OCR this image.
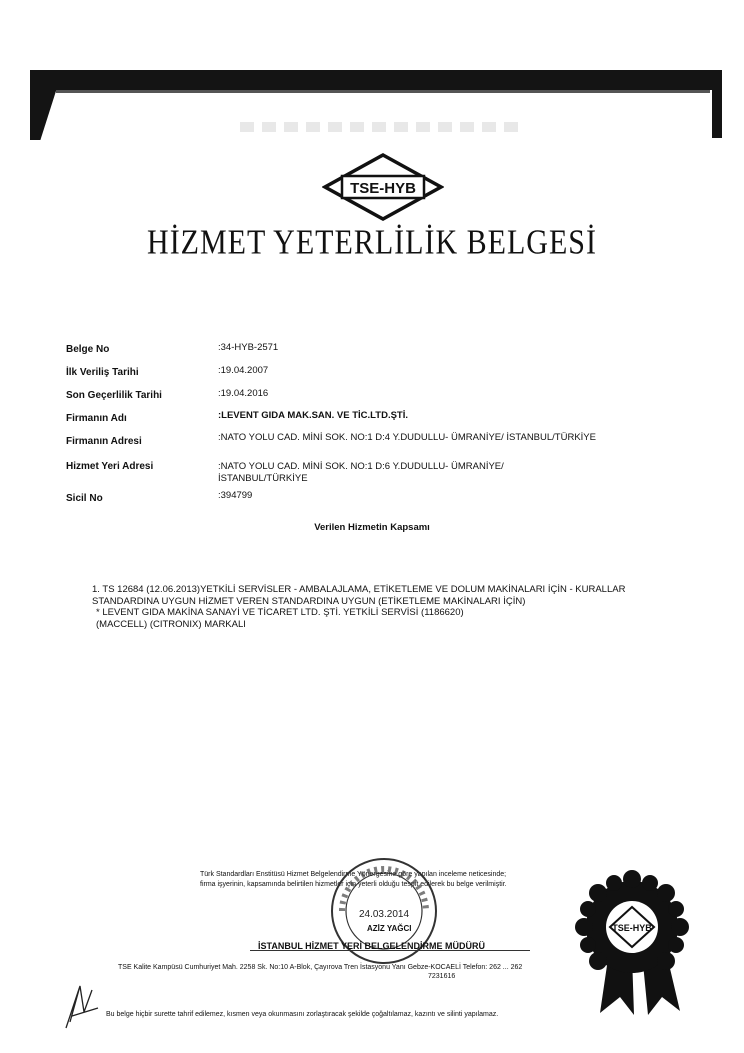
TSE-HYB
HİZMET YETERLİLİK BELGESİ
Belge No	:34-HYB-2571
İlk Veriliş Tarihi	:19.04.2007
Son Geçerlilik Tarihi	:19.04.2016
Firmanın Adı	:LEVENT GIDA MAK.SAN. VE TİC.LTD.ŞTİ.
Firmanın Adresi	:NATO YOLU CAD. MİNİ SOK. NO:1 D:4 Y.DUDULLU- ÜMRANİYE/ İSTANBUL/TÜRKİYE
Hizmet Yeri Adresi	:NATO YOLU CAD. MİNİ SOK. NO:1 D:6 Y.DUDULLU- ÜMRANİYE/
İSTANBUL/TÜRKİYE
Sicil No	:394799
Verilen Hizmetin Kapsamı
1. TS 12684 (12.06.2013)YETKİLİ SERVİSLER - AMBALAJLAMA, ETİKETLEME VE DOLUM MAKİNALARI İÇİN - KURALLAR
STANDARDINA UYGUN HİZMET VEREN STANDARDINA UYGUN (ETİKETLEME MAKİNALARI İÇİN)
* LEVENT GIDA MAKİNA SANAYİ VE TİCARET LTD. ŞTİ. YETKİLİ SERVİSİ (1186620)
(MACCELL) (CITRONIX) MARKALI
Türk Standardları Enstitüsü Hizmet Belgelendirme Yönergesine göre yapılan inceleme neticesinde;
firma işyerinin, kapsamında belirtilen hizmetler için yeterli olduğu tespit edilerek bu belge verilmiştir.
24.03.2014
AZİZ YAĞCI
İSTANBUL HİZMET YERİ BELGELENDİRME MÜDÜRÜ
TSE Kalite Kampüsü Cumhuriyet Mah. 2258 Sk. No:10 A-Blok, Çayırova Tren İstasyonu Yanı Gebze-KOCAELİ Telefon: 262 ... 262
7231616
Bu belge hiçbir surette tahrif edilemez, kısmen veya okunmasını zorlaştıracak şekilde çoğaltılamaz, kazıntı ve silinti yapılamaz.
TSE-HYB
